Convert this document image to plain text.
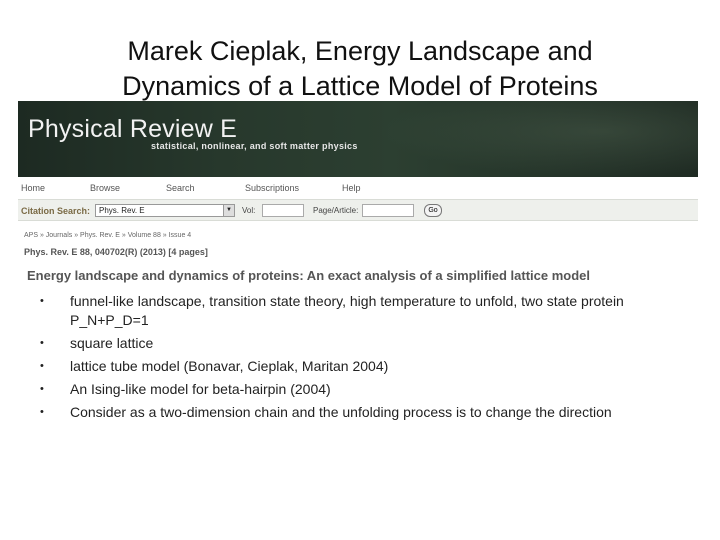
Marek Cieplak, Energy Landscape and
Dynamics of a Lattice Model of Proteins
Physical Review E
statistical, nonlinear, and soft matter physics
Home	Browse	Search	Subscriptions	Help
Citation Search:	Phys. Rev. E	▼ Vol:	Page/Article:	Go
APS » Journals » Phys. Rev. E » Volume 88 » Issue 4
Phys. Rev. E 88, 040702(R) (2013) [4 pages]
Energy landscape and dynamics of proteins: An exact analysis of a simplified lattice model
• funnel-like landscape, transition state theory, high temperature to unfold, two state protein P_N+P_D=1
• square lattice
• lattice tube model (Bonavar, Cieplak, Maritan 2004)
• An Ising-like model for beta-hairpin (2004)
• Consider as a two-dimension chain and the unfolding process is to change the direction
